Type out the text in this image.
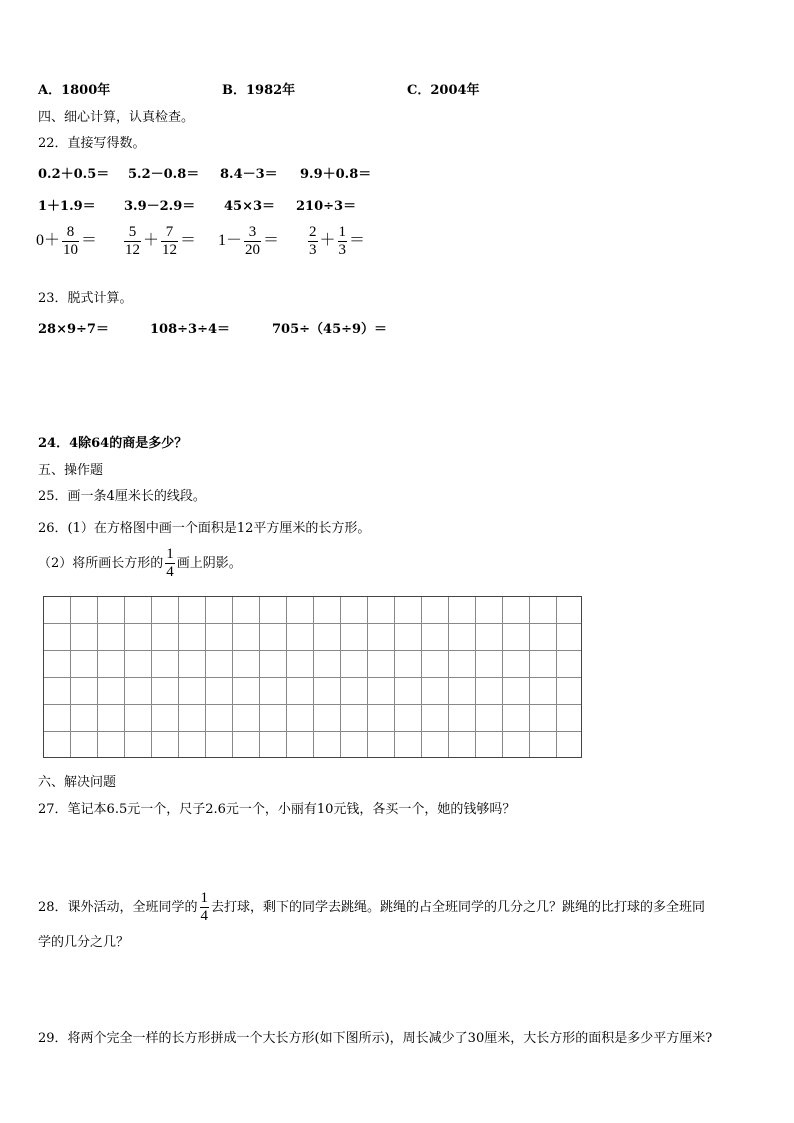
A．1800年	B．1982年	C．2004年
四、细心计算，认真检查。
22．直接写得数。
0.2＋0.5＝ 5.2－0.8＝ 8.4－3＝ 9.9＋0.8＝
1＋1.9＝ 3.9－2.9＝ 45×3＝ 210÷3＝
$0+ \frac{8}{10} = \frac{5}{12} + \frac{7}{12} = 1- \frac{3}{20} = \frac{2}{3} + \frac{1}{3}$ ＝
23．脱式计算。
28×9÷7＝	108÷3÷4＝	705÷（45÷9）＝
24．4除64的商是多少？
五、操作题
25．画一条4厘米长的线段。
26．(1）在方格图中画一个面积是12平方厘米的长方形。
（2）将所画长方形的 $\frac{1}{4}$ 画上阴影。
六、解决问题
27．笔记本6.5元一个，尺子2.6元一个，小丽有10元钱，各买一个，她的钱够吗？
28．课外活动，全班同学的 $\frac{1}{4}$ 去打球，剩下的同学去跳绳。跳绳的占全班同学的几分之几？跳绳的比打球的多全班同
学的几分之几？
29．将两个完全一样的长方形拼成一个大长方形(如下图所示)，周长减少了30厘米，大长方形的面积是多少平方厘米?
